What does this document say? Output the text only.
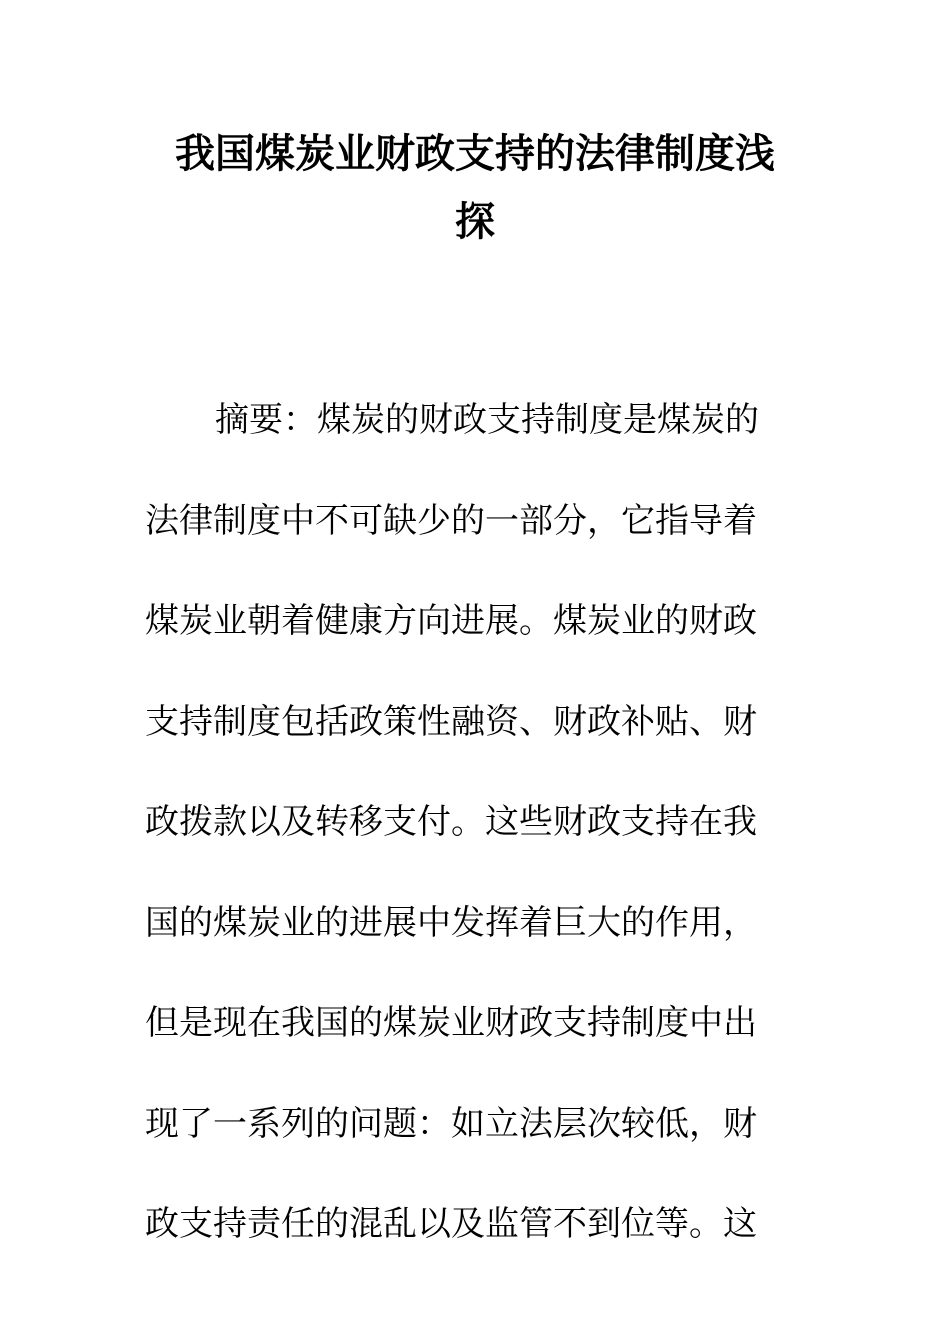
我国煤炭业财政支持的法律制度浅
探
摘要：煤炭的财政支持制度是煤炭的
法律制度中不可缺少的一部分，它指导着
煤炭业朝着健康方向进展。煤炭业的财政
支持制度包括政策性融资、财政补贴、财
政拨款以及转移支付。这些财政支持在我
国的煤炭业的进展中发挥着巨大的作用，
但是现在我国的煤炭业财政支持制度中出
现了一系列的问题：如立法层次较低，财
政支持责任的混乱以及监管不到位等。这
